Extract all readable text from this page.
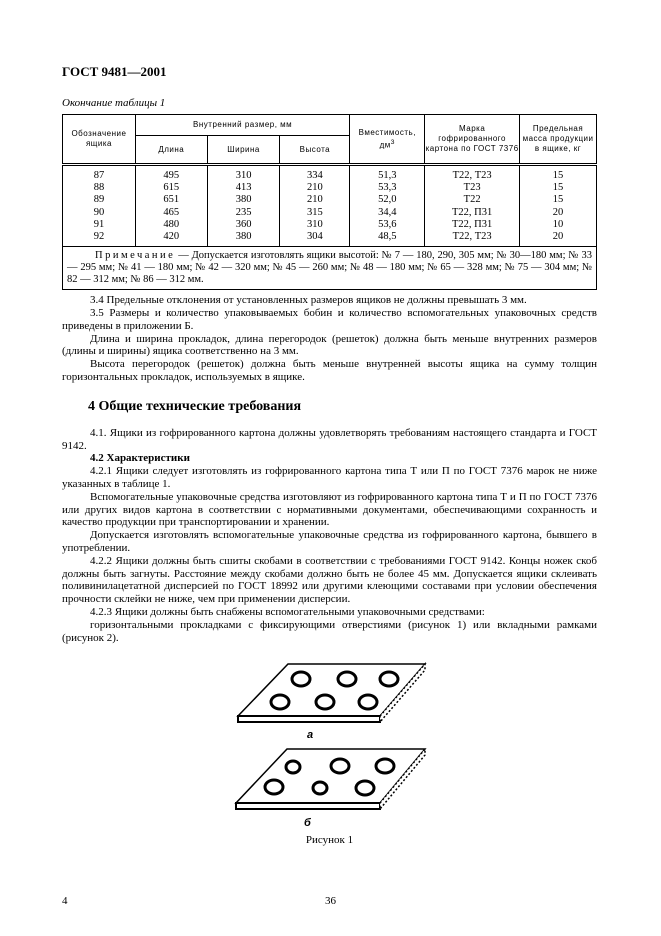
ГОСТ 9481—2001
Окончание таблицы 1
Обозначение ящика	Внутренний размер, мм			Вместимость, $дм^3$	Марка гофрированного картона по ГОСТ 7376	Предельная масса продукции в ящике, кг
	Длина	Ширина	Высота			
87	495	310	334	51,3	Т22, Т23	15
88	615	413	210	53,3	Т23	15
89	651	380	210	52,0	Т22	15
90	465	235	315	34,4	Т22, П31	20
91	480	360	310	53,6	Т22, П31	10
92	420	380	304	48,5	Т22, Т23	20
Примечание — Допускается изготовлять ящики высотой: № 7 — 180, 290, 305 мм; № 30—180 мм; № 33 — 295 мм; № 41 — 180 мм; № 42 — 320 мм; № 45 — 260 мм; № 48 — 180 мм; № 65 — 328 мм; № 75 — 304 мм; № 82 — 312 мм; № 86 — 312 мм.						

3.4 Предельные отклонения от установленных размеров ящиков не должны превышать 3 мм.

3.5 Размеры и количество упаковываемых бобин и количество вспомогательных упаковочных средств приведены в приложении Б.

Длина и ширина прокладок, длина перегородок (решеток) должна быть меньше внутренних размеров (длины и ширины) ящика соответственно на 3 мм.

Высота перегородок (решеток) должна быть меньше внутренней высоты ящика на сумму толщин горизонтальных прокладок, используемых в ящике.

4 Общие технические требования

4.1. Ящики из гофрированного картона должны удовлетворять требованиям настоящего стандарта и ГОСТ 9142.

4.2 Характеристики

4.2.1 Ящики следует изготовлять из гофрированного картона типа Т или П по ГОСТ 7376 марок не ниже указанных в таблице 1.

Вспомогательные упаковочные средства изготовляют из гофрированного картона типа Т и П по ГОСТ 7376 или других видов картона в соответствии с нормативными документами, обеспечивающими сохранность и качество продукции при транспортировании и хранении.

Допускается изготовлять вспомогательные упаковочные средства из гофрированного картона, бывшего в употреблении.

4.2.2 Ящики должны быть сшиты скобами в соответствии с требованиями ГОСТ 9142. Концы ножек скоб должны быть загнуты. Расстояние между скобами должно быть не более 45 мм. Допускается ящики склеивать поливинилацетатной дисперсией по ГОСТ 18992 или другими клеющими составами при условии обеспечения прочности склейки не ниже, чем при применении дисперсии.

4.2.3 Ящики должны быть снабжены вспомогательными упаковочными средствами:

горизонтальными прокладками с фиксирующими отверстиями (рисунок 1) или вкладными рамками (рисунок 2).

а
б
Рисунок 1
4	36
